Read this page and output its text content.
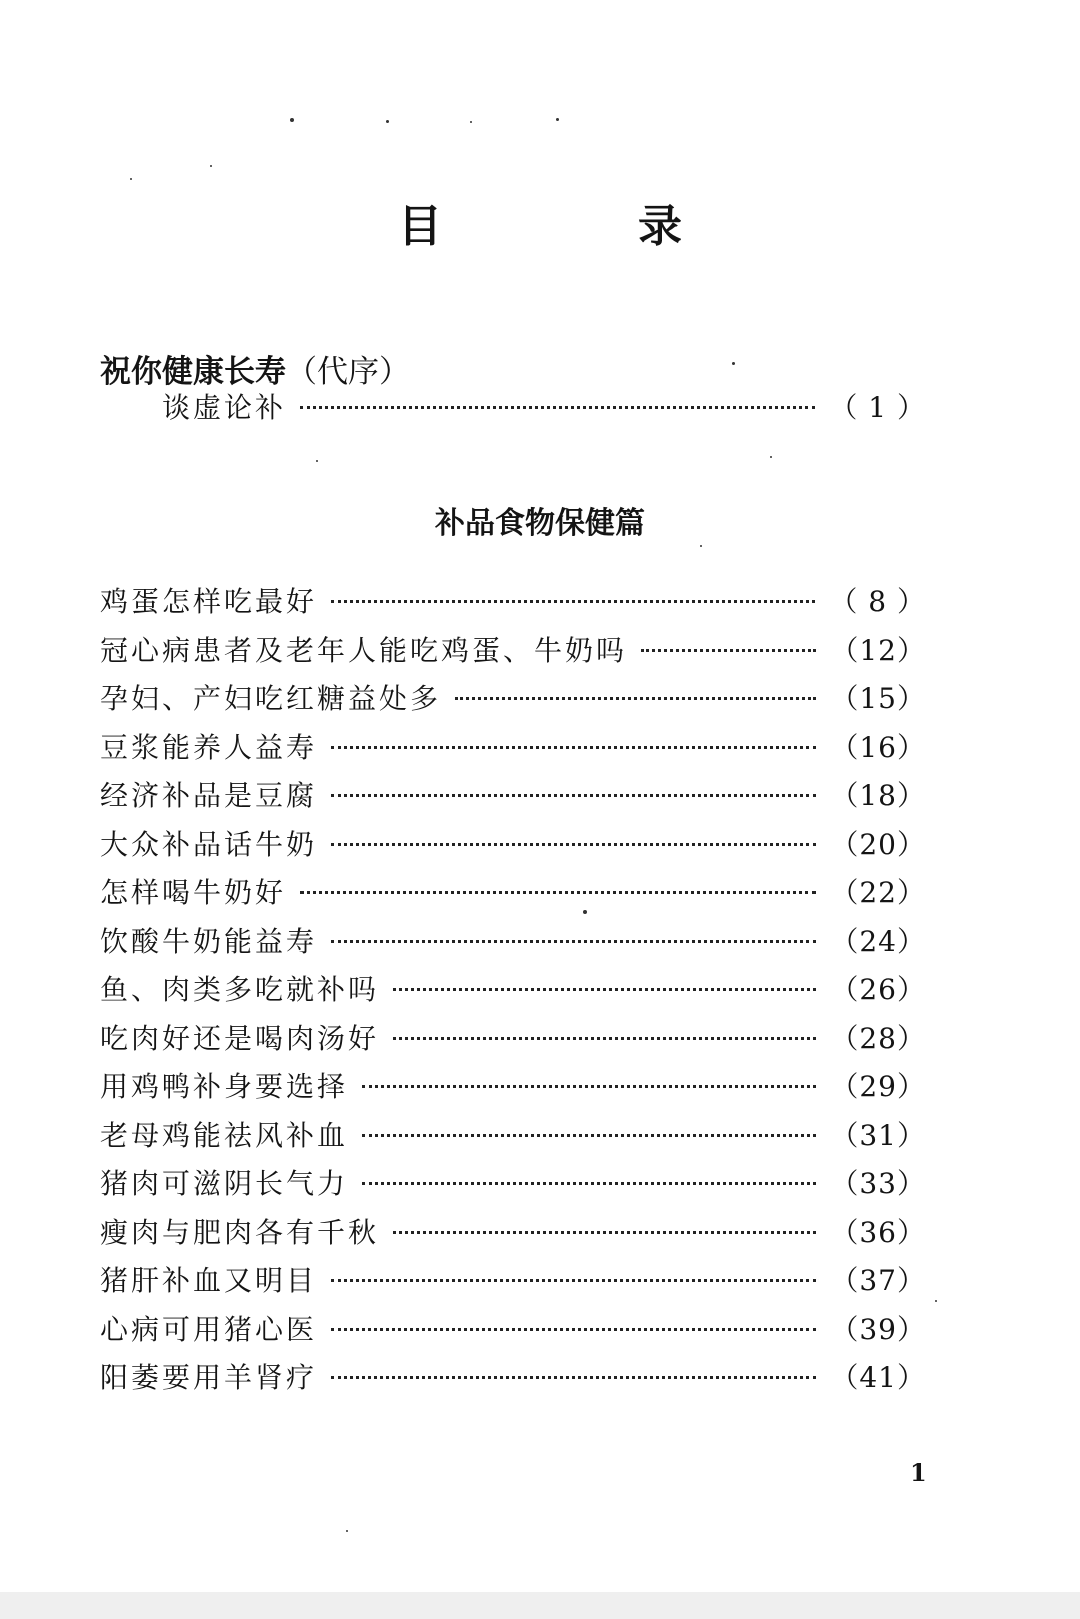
目　录
祝你健康长寿（代序）
谈虚论补	（ 1 ）
补品食物保健篇
鸡蛋怎样吃最好	（ 8 ）
冠心病患者及老年人能吃鸡蛋、牛奶吗	（12）
孕妇、产妇吃红糖益处多	（15）
豆浆能养人益寿	（16）
经济补品是豆腐	（18）
大众补品话牛奶	（20）
怎样喝牛奶好	（22）
饮酸牛奶能益寿	（24）
鱼、肉类多吃就补吗	（26）
吃肉好还是喝肉汤好	（28）
用鸡鸭补身要选择	（29）
老母鸡能祛风补血	（31）
猪肉可滋阴长气力	（33）
瘦肉与肥肉各有千秋	（36）
猪肝补血又明目	（37）
心病可用猪心医	（39）
阳萎要用羊肾疗	（41）
1
